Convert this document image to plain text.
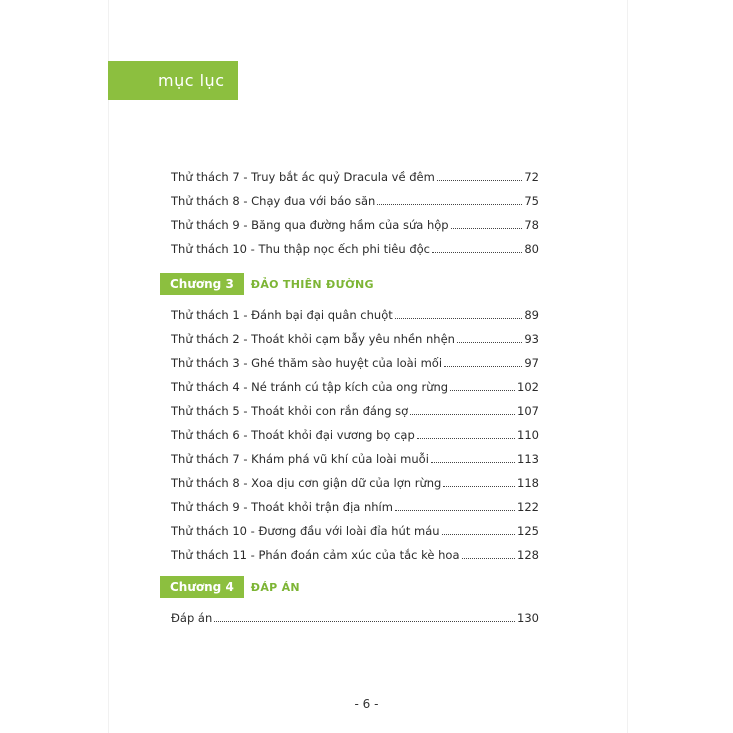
mục lục
Thử thách 7 - Truy bắt ác quỷ Dracula về đêm	72
Thử thách 8 - Chạy đua với báo săn	75
Thử thách 9 - Băng qua đường hầm của sứa hộp	78
Thử thách 10 - Thu thập nọc ếch phi tiêu độc	80
Chương 3	ĐẢO THIÊN ĐƯỜNG
Thử thách 1 - Đánh bại đại quân chuột	89
Thử thách 2 - Thoát khỏi cạm bẫy yêu nhền nhện	93
Thử thách 3 - Ghé thăm sào huyệt của loài mối	97
Thử thách 4 - Né tránh cú tập kích của ong rừng	102
Thử thách 5 - Thoát khỏi con rắn đáng sợ	107
Thử thách 6 - Thoát khỏi đại vương bọ cạp	110
Thử thách 7 - Khám phá vũ khí của loài muỗi	113
Thử thách 8 - Xoa dịu cơn giận dữ của lợn rừng	118
Thử thách 9 - Thoát khỏi trận địa nhím	122
Thử thách 10 - Đương đầu với loài đỉa hút máu	125
Thử thách 11 - Phán đoán cảm xúc của tắc kè hoa	128
Chương 4	ĐÁP ÁN
Đáp án	130
- 6 -
